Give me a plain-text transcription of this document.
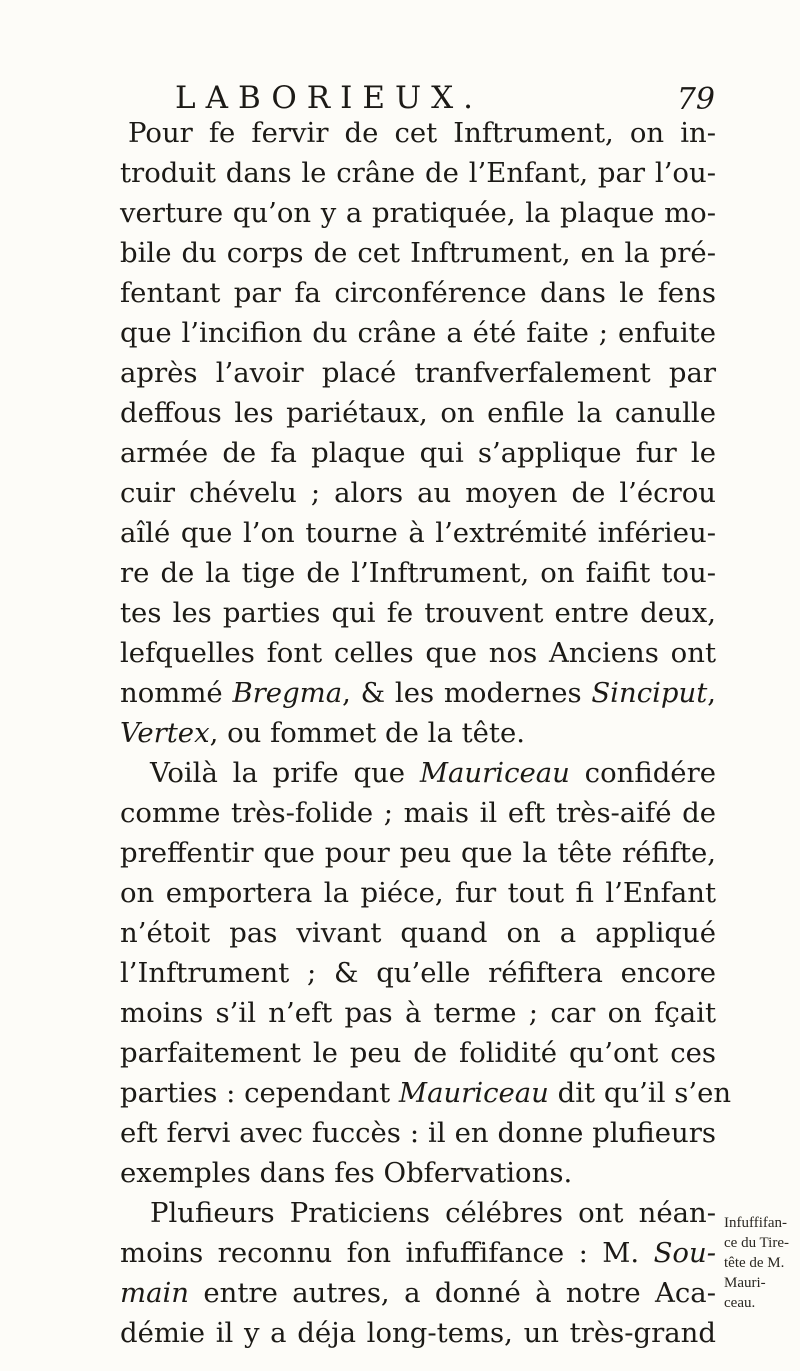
LABORIEUX.	79
Pour fe fervir de cet Inftrument, on in-
troduit dans le crâne de l’Enfant, par l’ou-
verture qu’on y a pratiquée, la plaque mo-
bile du corps de cet Inftrument, en la pré-
fentant par fa circonférence dans le fens
que l’incifion du crâne a été faite ; enfuite
après l’avoir placé tranfverfalement par
deffous les pariétaux, on enfile la canulle
armée de fa plaque qui s’applique fur le
cuir chévelu ; alors au moyen de l’écrou
aîlé que l’on tourne à l’extrémité inférieu-
re de la tige de l’Inftrument, on faifit tou-
tes les parties qui fe trouvent entre deux,
lefquelles font celles que nos Anciens ont
nommé Bregma, & les modernes Sinciput,
Vertex, ou fommet de la tête.
Voilà la prife que Mauriceau confidére
comme très-folide ; mais il eft très-aifé de
preffentir que pour peu que la tête réfifte,
on emportera la piéce, fur tout fi l’Enfant
n’étoit pas vivant quand on a appliqué
l’Inftrument ; & qu’elle réfiftera encore
moins s’il n’eft pas à terme ; car on fçait
parfaitement le peu de folidité qu’ont ces
parties : cependant Mauriceau dit qu’il s’en
eft fervi avec fuccès : il en donne plufieurs
exemples dans fes Obfervations.
Plufieurs Praticiens célébres ont néan-
moins reconnu fon infuffifance : M. Sou-
main entre autres, a donné à notre Aca-
démie il y a déja long-tems, un très-grand
Infuffifan-
ce du Tire-
tête de M.
Mauri-
ceau.
